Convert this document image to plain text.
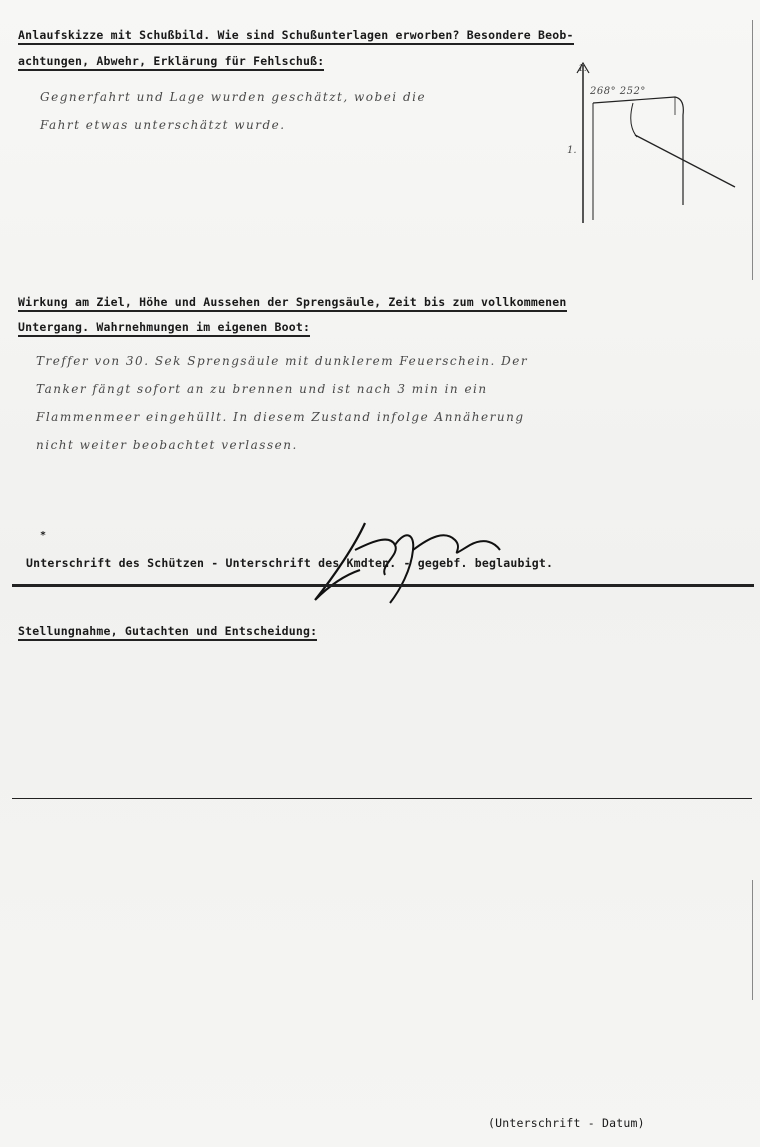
Anlaufskizze mit Schußbild. Wie sind Schußunterlagen erworben? Besondere Beob-
achtungen, Abwehr, Erklärung für Fehlschuß:
Gegnerfahrt und Lage wurden geschätzt, wobei die
Fahrt etwas unterschätzt wurde.
1.
268° 252°
1.
Wirkung am Ziel, Höhe und Aussehen der Sprengsäule, Zeit bis zum vollkommenen
Untergang. Wahrnehmungen im eigenen Boot:
Treffer von 30. Sek Sprengsäule mit dunklerem Feuerschein. Der
Tanker fängt sofort an zu brennen und ist nach 3 min in ein
Flammenmeer eingehüllt. In diesem Zustand infolge Annäherung
nicht weiter beobachtet verlassen.
*
Unterschrift des Schützen - Unterschrift des Kmdten. - gegebf. beglaubigt.
Stellungnahme, Gutachten und Entscheidung:
(Unterschrift - Datum)
